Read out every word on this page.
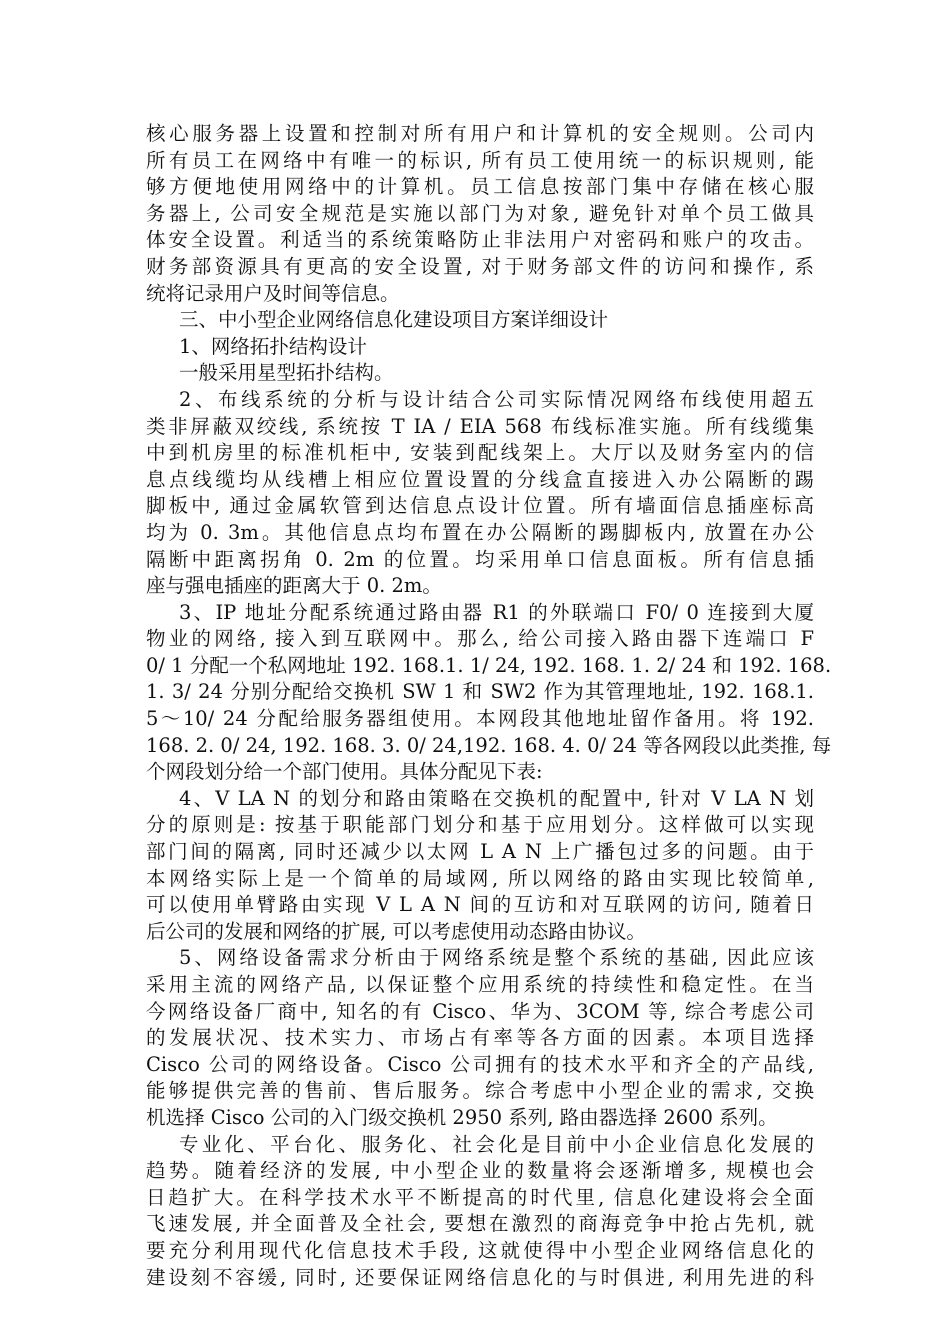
核心服务器上设置和控制对所有用户和计算机的安全规则。公司内
所有员工在网络中有唯一的标识, 所有员工使用统一的标识规则, 能
够方便地使用网络中的计算机。员工信息按部门集中存储在核心服
务器上, 公司安全规范是实施以部门为对象, 避免针对单个员工做具
体安全设置。利适当的系统策略防止非法用户对密码和账户的攻击。
财务部资源具有更高的安全设置, 对于财务部文件的访问和操作, 系
统将记录用户及时间等信息。
三、中小型企业网络信息化建设项目方案详细设计
1、网络拓扑结构设计
一般采用星型拓扑结构。
2、布线系统的分析与设计结合公司实际情况网络布线使用超五
类非屏蔽双绞线, 系统按 T IA / EIA 568 布线标准实施。所有线缆集
中到机房里的标准机柜中, 安装到配线架上。大厅以及财务室内的信
息点线缆均从线槽上相应位置设置的分线盒直接进入办公隔断的踢
脚板中, 通过金属软管到达信息点设计位置。所有墙面信息插座标高
均为 0. 3m。其他信息点均布置在办公隔断的踢脚板内, 放置在办公
隔断中距离拐角 0. 2m 的位置。均采用单口信息面板。所有信息插
座与强电插座的距离大于 0. 2m。
3、IP 地址分配系统通过路由器 R1 的外联端口 F0/ 0 连接到大厦
物业的网络, 接入到互联网中。那么, 给公司接入路由器下连端口 F
0/ 1 分配一个私网地址 192. 168.1. 1/ 24, 192. 168. 1. 2/ 24 和 192. 168.
1. 3/ 24 分别分配给交换机 SW 1 和 SW2 作为其管理地址, 192. 168.1.
5～10/ 24 分配给服务器组使用。本网段其他地址留作备用。将 192.
168. 2. 0/ 24, 192. 168. 3. 0/ 24,192. 168. 4. 0/ 24 等各网段以此类推, 每
个网段划分给一个部门使用。具体分配见下表:
4、V LA N 的划分和路由策略在交换机的配置中, 针对 V LA N 划
分的原则是: 按基于职能部门划分和基于应用划分。这样做可以实现
部门间的隔离, 同时还减少以太网 L A N 上广播包过多的问题。由于
本网络实际上是一个简单的局域网, 所以网络的路由实现比较简单,
可以使用单臂路由实现 V L A N 间的互访和对互联网的访问, 随着日
后公司的发展和网络的扩展, 可以考虑使用动态路由协议。
5、网络设备需求分析由于网络系统是整个系统的基础, 因此应该
采用主流的网络产品, 以保证整个应用系统的持续性和稳定性。在当
今网络设备厂商中, 知名的有 Cisco、华为、3COM 等, 综合考虑公司
的发展状况、技术实力、市场占有率等各方面的因素。本项目选择
Cisco 公司的网络设备。Cisco 公司拥有的技术水平和齐全的产品线,
能够提供完善的售前、售后服务。综合考虑中小型企业的需求, 交换
机选择 Cisco 公司的入门级交换机 2950 系列, 路由器选择 2600 系列。
专业化、平台化、服务化、社会化是目前中小企业信息化发展的
趋势。随着经济的发展, 中小型企业的数量将会逐渐增多, 规模也会
日趋扩大。在科学技术水平不断提高的时代里, 信息化建设将会全面
飞速发展, 并全面普及全社会, 要想在激烈的商海竞争中抢占先机, 就
要充分利用现代化信息技术手段, 这就使得中小型企业网络信息化的
建设刻不容缓, 同时, 还要保证网络信息化的与时俱进, 利用先进的科
